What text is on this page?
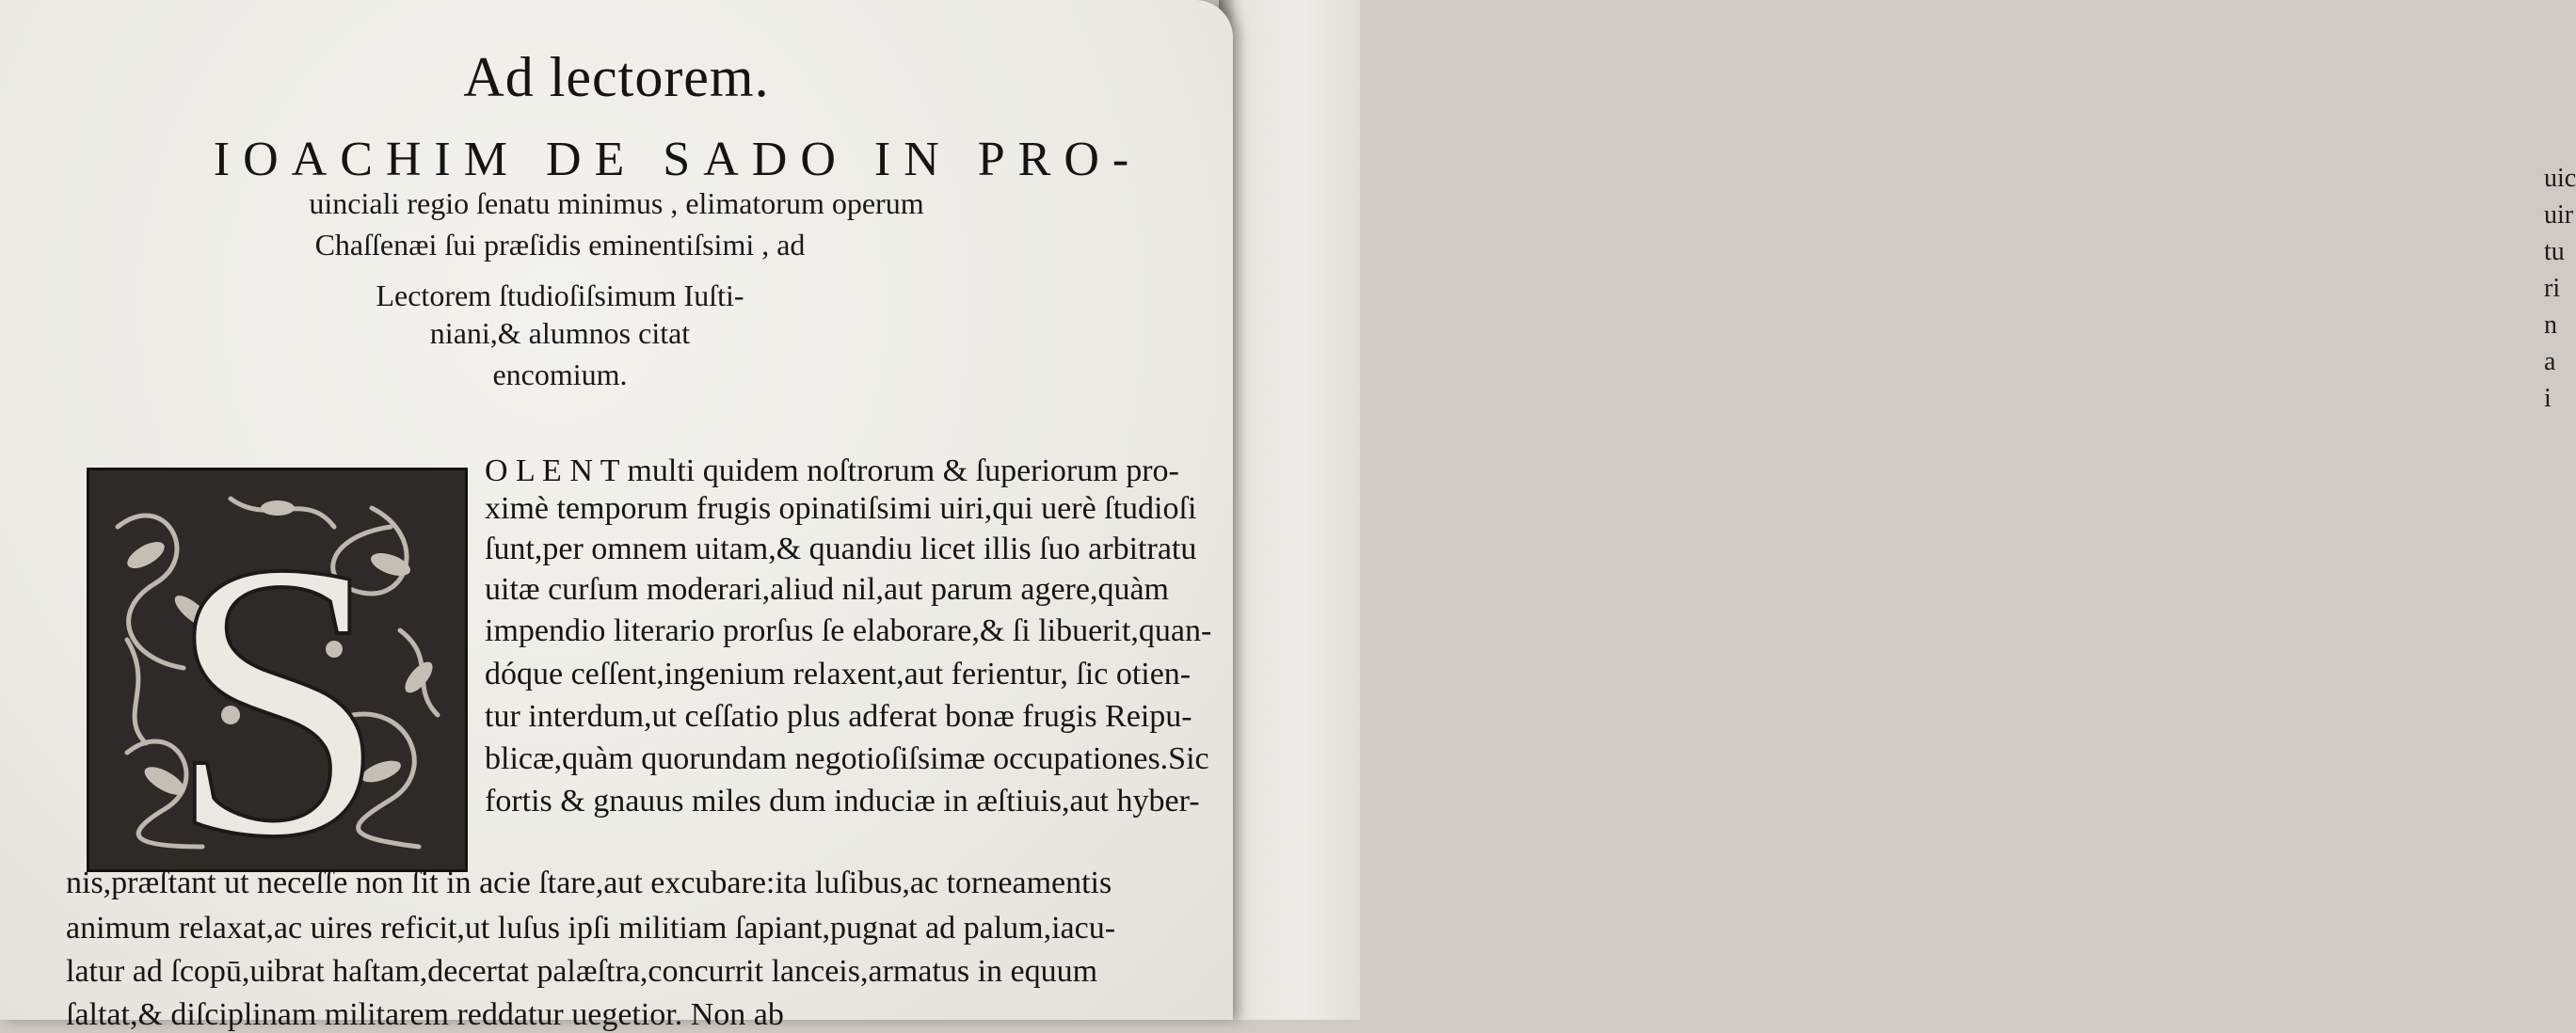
uic
uir
tu
ri
n
a
i

Ad lectorem.
IOACHIM DE SADO IN PRO-
uinciali regio ſenatu minimus , elimatorum operum
Chaſſenæi ſui præſidis eminentiſsimi , ad
Lectorem ſtudioſiſsimum Iuſti-
niani,& alumnos citat
encomium.
S
O L E N T multi quidem noſtrorum & ſuperiorum pro-
ximè temporum frugis opinatiſsimi uiri,qui uerè ſtudioſi
ſunt,per omnem uitam,& quandiu licet illis ſuo arbitratu
uitæ curſum moderari,aliud nil,aut parum agere,quàm
impendio literario prorſus ſe elaborare,& ſi libuerit,quan-
dóque ceſſent,ingenium relaxent,aut ferientur, ſic otien-
tur interdum,ut ceſſatio plus adferat bonæ frugis Reipu-
blicæ,quàm quorundam negotioſiſsimæ occupationes.Sic
fortis & gnauus miles dum induciæ in æſtiuis,aut hyber-
nis,præſtant ut neceſſe non ſit in acie ſtare,aut excubare:ita luſibus,ac torneamentis
animum relaxat,ac uires reficit,ut luſus ipſi militiam ſapiant,pugnat ad palum,iacu-
latur ad ſcopū,uibrat haſtam,decertat palæſtra,concurrit lanceis,armatus in equum
ſaltat,& diſciplinam militarem reddatur uegetior. Non ab
